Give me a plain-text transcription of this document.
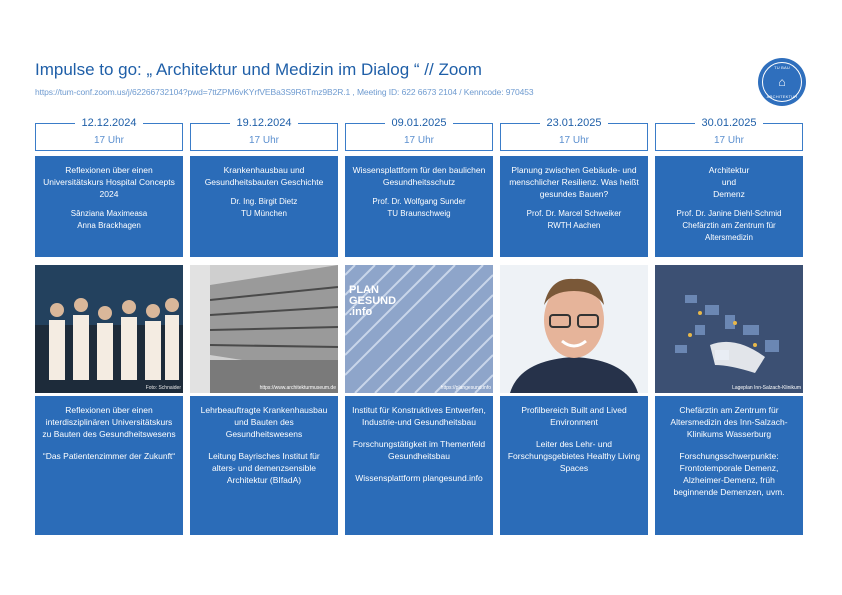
Impulse to go: „ Architektur und Medizin im Dialog “ // Zoom
https://tum-conf.zoom.us/j/62266732104?pwd=7ttZPM6vKYrfVEBa3S9R6Tmz9B2R.1 , Meeting ID: 622 6673 2104 / Kenncode: 970453
TU BAU
⌂
ARCHITEKTUR
12.12.2024
17 Uhr
Reflexionen über einen Universitätskurs Hospital Concepts 2024
Sânziana Maximeasa
Anna Brackhagen
Foto: Schnaider

Reflexionen über einen interdisziplinären Universitätskurs zu Bauten des Gesundheitswesens

“Das Patientenzimmer der Zukunft“

19.12.2024
17 Uhr
Krankenhausbau und Gesundheitsbauten Geschichte
Dr. Ing. Birgit Dietz
TU München
https://www.architekturmuseum.de

Lehrbeauftragte Krankenhausbau und Bauten des Gesundheitswesens

Leitung Bayrisches Institut für alters- und demenzsensible Architektur (BIfadA)

09.01.2025
17 Uhr
Wissensplattform für den baulichen Gesundheitsschutz
Prof. Dr. Wolfgang Sunder
TU Braunschweig
PLAN GESUND .info
https://plangesund.info

Institut für Konstruktives Entwerfen, Industrie-und Gesundheitsbau

Forschungstätigkeit im Themenfeld Gesundheitsbau

Wissensplattform plangesund.info

23.01.2025
17 Uhr
Planung zwischen Gebäude- und menschlicher Resilienz. Was heißt gesundes Bauen?
Prof. Dr. Marcel Schweiker
RWTH Aachen

Profilbereich Built and Lived Environment

Leiter des Lehr- und Forschungsgebietes Healthy Living Spaces

30.01.2025
17 Uhr
Architektur
und
Demenz
Prof. Dr. Janine Diehl-Schmid
Chefärztin am Zentrum für Altersmedizin
Lageplan Inn-Salzach-Klinikum

Chefärztin am Zentrum für Altersmedizin des Inn-Salzach-Klinikums Wasserburg

Forschungsschwerpunkte: Frontotemporale Demenz, Alzheimer-Demenz, früh beginnende Demenzen, uvm.
